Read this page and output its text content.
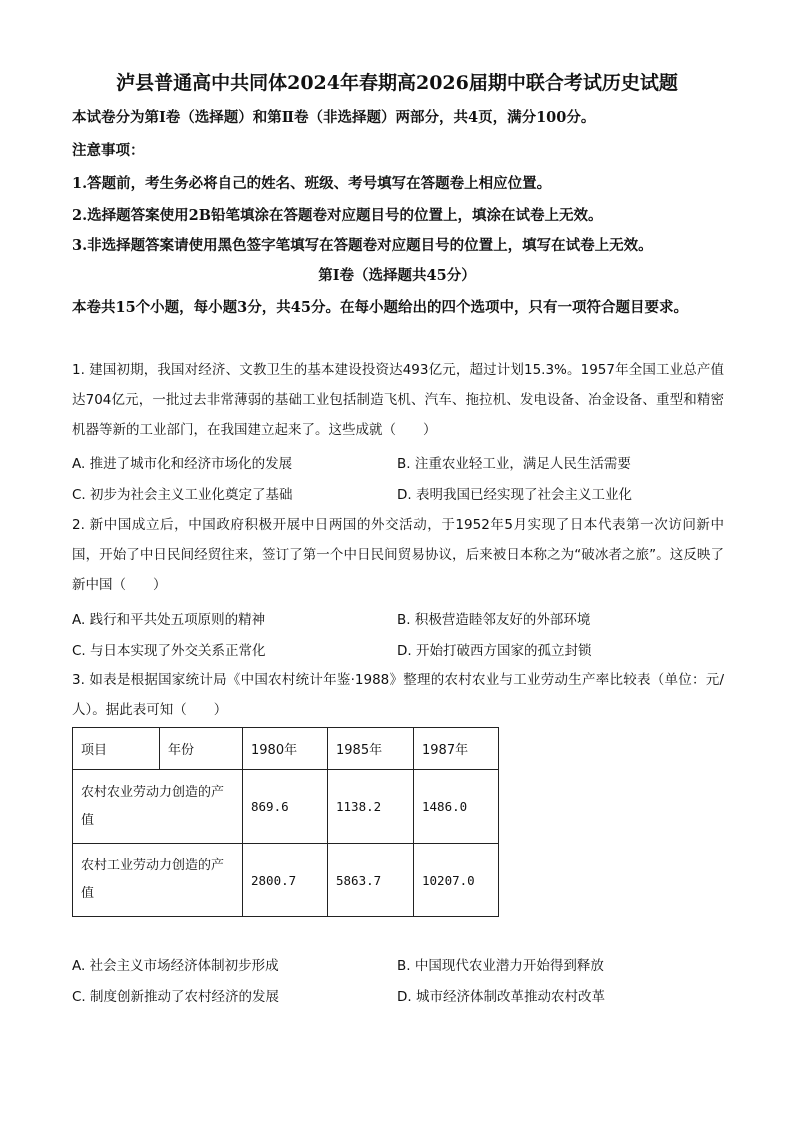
泸县普通高中共同体2024年春期高2026届期中联合考试历史试题
本试卷分为第Ⅰ卷（选择题）和第Ⅱ卷（非选择题）两部分，共4页，满分100分。
注意事项：
1.答题前，考生务必将自己的姓名、班级、考号填写在答题卷上相应位置。
2.选择题答案使用2B铅笔填涂在答题卷对应题目号的位置上，填涂在试卷上无效。
3.非选择题答案请使用黑色签字笔填写在答题卷对应题目号的位置上，填写在试卷上无效。
第Ⅰ卷（选择题共45分）
本卷共15个小题，每小题3分，共45分。在每小题给出的四个选项中，只有一项符合题目要求。
1. 建国初期，我国对经济、文教卫生的基本建设投资达493亿元，超过计划15.3%。1957年全国工业总产值达704亿元，一批过去非常薄弱的基础工业包括制造飞机、汽车、拖拉机、发电设备、冶金设备、重型和精密机器等新的工业部门，在我国建立起来了。这些成就（　　）
A. 推进了城市化和经济市场化的发展	B. 注重农业轻工业，满足人民生活需要
C. 初步为社会主义工业化奠定了基础	D. 表明我国已经实现了社会主义工业化
2. 新中国成立后，中国政府积极开展中日两国的外交活动，于1952年5月实现了日本代表第一次访问新中国，开始了中日民间经贸往来，签订了第一个中日民间贸易协议，后来被日本称之为“破冰者之旅”。这反映了新中国（　　）
A. 践行和平共处五项原则的精神	B. 积极营造睦邻友好的外部环境
C. 与日本实现了外交关系正常化	D. 开始打破西方国家的孤立封锁
3. 如表是根据国家统计局《中国农村统计年鉴·1988》整理的农村农业与工业劳动生产率比较表（单位：元/人）。据此表可知（　　）
项目	年份	1980年	1985年	1987年
农村农业劳动力创造的产值		869.6	1138.2	1486.0
农村工业劳动力创造的产值		2800.7	5863.7	10207.0
A. 社会主义市场经济体制初步形成	B. 中国现代农业潜力开始得到释放
C. 制度创新推动了农村经济的发展	D. 城市经济体制改革推动农村改革
